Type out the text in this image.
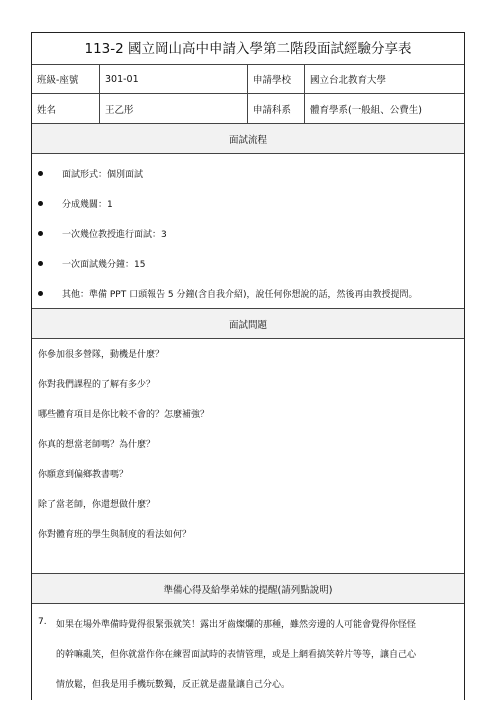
113-2 國立岡山高中申請入學第二階段面試經驗分享表
班級-座號	301-01	申請學校	國立台北教育大學
姓名	王乙彤	申請科系	體育學系(一般組、公費生)
面試流程
面試形式：個別面試
分成幾關：1
一次幾位教授進行面試：3
一次面試幾分鐘：15
其他：準備 PPT 口頭報告 5 分鐘(含自我介紹)，說任何你想說的話，然後再由教授提問。
面試問題
你參加很多營隊，動機是什麼？
你對我們課程的了解有多少？
哪些體育項目是你比較不會的？怎麼補強？
你真的想當老師嗎？為什麼？
你願意到偏鄉教書嗎？
除了當老師，你還想做什麼？
你對體育班的學生與制度的看法如何？
準備心得及給學弟妹的提醒(請列點說明)
7. 如果在場外準備時覺得很緊張就笑！露出牙齒燦爛的那種，雖然旁邊的人可能會覺得你怪怪
的幹嘛亂笑，但你就當作你在練習面試時的表情管理，或是上網看搞笑幹片等等，讓自己心
情放鬆，但我是用手機玩數獨，反正就是盡量讓自己分心。
